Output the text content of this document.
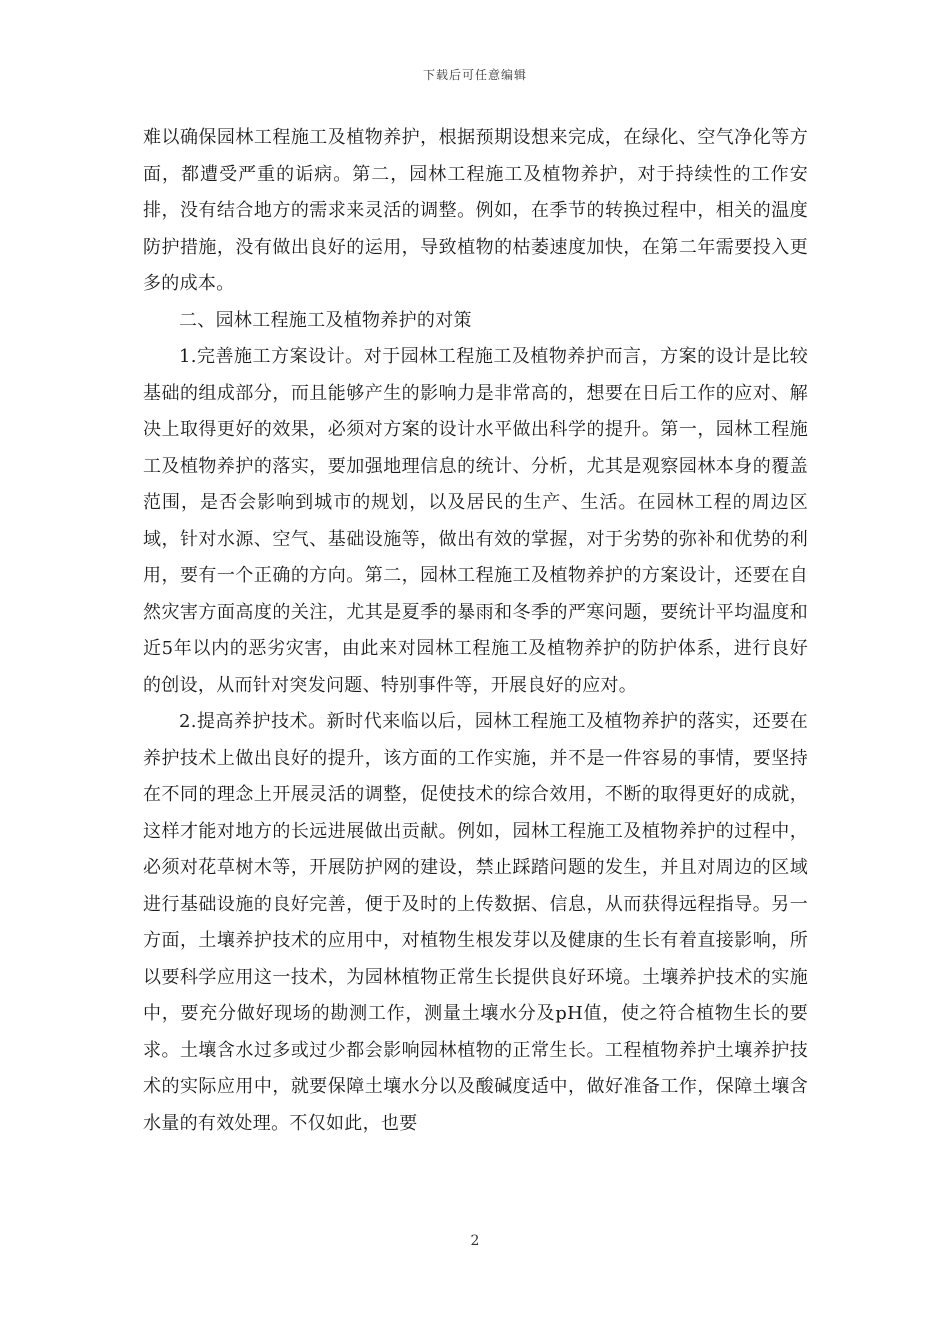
下载后可任意编辑

难以确保园林工程施工及植物养护，根据预期设想来完成，在绿化、空气净化等方面，都遭受严重的诟病。第二，园林工程施工及植物养护，对于持续性的工作安排，没有结合地方的需求来灵活的调整。例如，在季节的转换过程中，相关的温度防护措施，没有做出良好的运用，导致植物的枯萎速度加快，在第二年需要投入更多的成本。

二、园林工程施工及植物养护的对策

1.完善施工方案设计。对于园林工程施工及植物养护而言，方案的设计是比较基础的组成部分，而且能够产生的影响力是非常高的，想要在日后工作的应对、解决上取得更好的效果，必须对方案的设计水平做出科学的提升。第一，园林工程施工及植物养护的落实，要加强地理信息的统计、分析，尤其是观察园林本身的覆盖范围，是否会影响到城市的规划，以及居民的生产、生活。在园林工程的周边区域，针对水源、空气、基础设施等，做出有效的掌握，对于劣势的弥补和优势的利用，要有一个正确的方向。第二，园林工程施工及植物养护的方案设计，还要在自然灾害方面高度的关注，尤其是夏季的暴雨和冬季的严寒问题，要统计平均温度和近5年以内的恶劣灾害，由此来对园林工程施工及植物养护的防护体系，进行良好的创设，从而针对突发问题、特别事件等，开展良好的应对。

2.提高养护技术。新时代来临以后，园林工程施工及植物养护的落实，还要在养护技术上做出良好的提升，该方面的工作实施，并不是一件容易的事情，要坚持在不同的理念上开展灵活的调整，促使技术的综合效用，不断的取得更好的成就，这样才能对地方的长远进展做出贡献。例如，园林工程施工及植物养护的过程中，必须对花草树木等，开展防护网的建设，禁止踩踏问题的发生，并且对周边的区域进行基础设施的良好完善，便于及时的上传数据、信息，从而获得远程指导。另一方面，土壤养护技术的应用中，对植物生根发芽以及健康的生长有着直接影响，所以要科学应用这一技术，为园林植物正常生长提供良好环境。土壤养护技术的实施中，要充分做好现场的勘测工作，测量土壤水分及pH值，使之符合植物生长的要求。土壤含水过多或过少都会影响园林植物的正常生长。工程植物养护土壤养护技术的实际应用中，就要保障土壤水分以及酸碱度适中，做好准备工作，保障土壤含水量的有效处理。不仅如此，也要

2
